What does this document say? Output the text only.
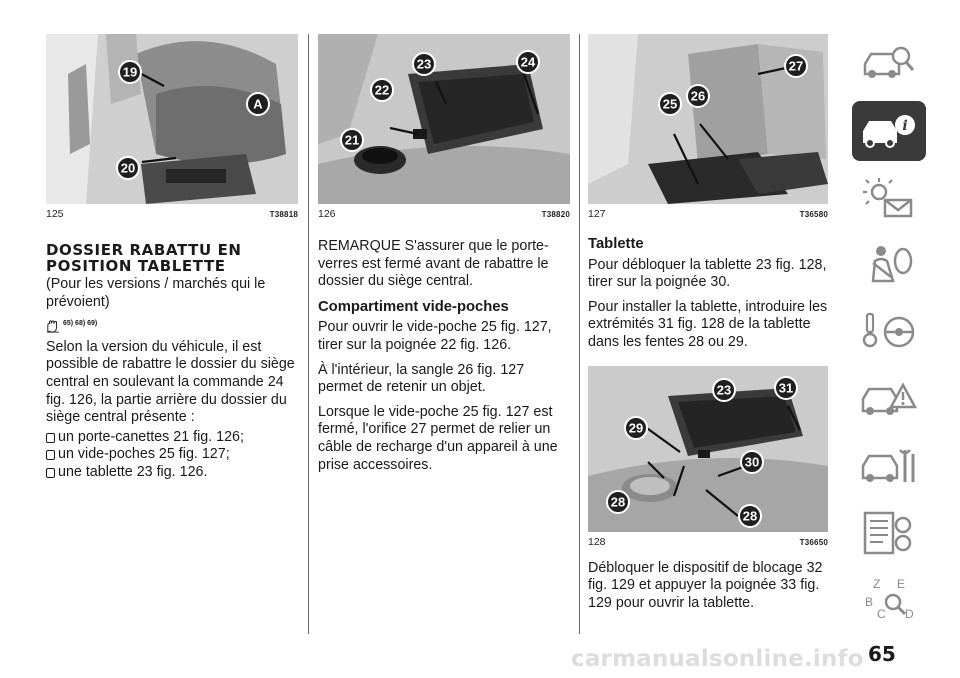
19
A
20
125	T38818
DOSSIER RABATTU EN
POSITION TABLETTE
(Pour les versions / marchés qui le prévoient)
65) 68) 69)

Selon la version du véhicule, il est possible de rabattre le dossier du siège central en soulevant la commande 24 fig. 126, la partie arrière du dossier du siège central présente :

un porte-canettes 21 fig. 126;
un vide-poches 25 fig. 127;
une tablette 23 fig. 126.
23	24
22
21
126	T38820
REMARQUE S'assurer que le porte-verres est fermé avant de rabattre le dossier du siège central.
Compartiment vide-poches

Pour ouvrir le vide-poche 25 fig. 127, tirer sur la poignée 22 fig. 126.

À l'intérieur, la sangle 26 fig. 127 permet de retenir un objet.

Lorsque le vide-poche 25 fig. 127 est fermé, l'orifice 27 permet de relier un câble de recharge d'un appareil à une prise accessoires.

27
26
25
127	T36580
Tablette

Pour débloquer la tablette 23 fig. 128, tirer sur la poignée 30.

Pour installer la tablette, introduire les extrémités 31 fig. 128 de la tablette dans les fentes 28 ou 29.

23	31
29
30
28
28
128	T36650
Débloquer le dispositif de blocage 32 fig. 129 et appuyer la poignée 33 fig. 129 pour ouvrir la tablette.
i
Z E
B
C D
65
carmanualsonline.info
